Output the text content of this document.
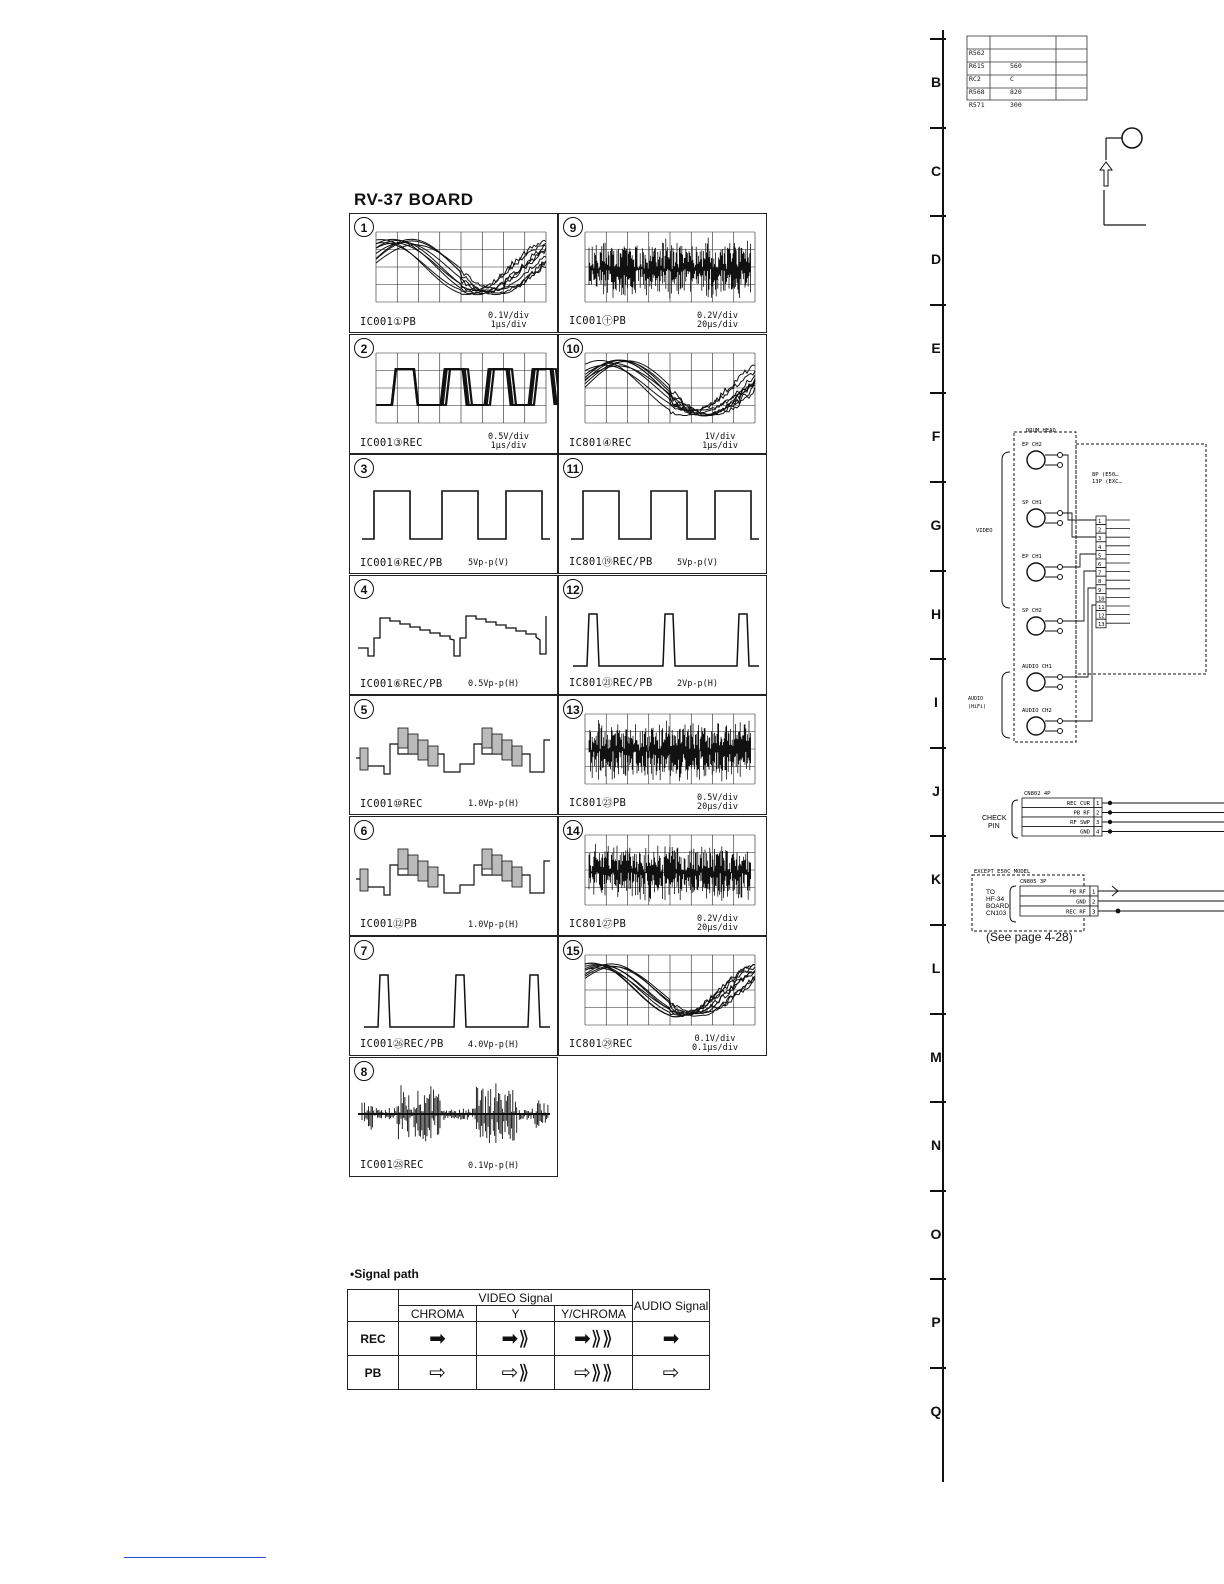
RV-37 BOARD
1
IC001①PB	0.1V/div
1μs/div
9
IC001㊉PB	0.2V/div
20μs/div
2
IC001③REC	0.5V/div
1μs/div
10
IC801④REC	1V/div
1μs/div
3
IC001④REC/PB	5Vp-p(V)
11
IC801⑲REC/PB	5Vp-p(V)
4
IC001⑥REC/PB	0.5Vp-p(H)
12
IC801㉑REC/PB	2Vp-p(H)
5
IC001⑩REC	1.0Vp-p(H)
13
IC801㉓PB	0.5V/div
20μs/div
6
IC001⑫PB	1.0Vp-p(H)
14
IC801㉗PB	0.2V/div
20μs/div
7
IC001㉖REC/PB	4.0Vp-p(H)
15
IC801㉙REC	0.1V/div
0.1μs/div
8
IC001㉘REC	0.1Vp-p(H)
•Signal path
	VIDEO Signal			AUDIO Signal
	CHROMA	Y	Y/CHROMA	
REC	➡	➡⟫	➡⟫⟫	➡
PB	⇨	⇨⟫	⇨⟫⟫	⇨
B
C
D
E
F
G
H
I
J
K
L
M
N
O
P
Q
R562
R615	560
RC2	C
R568	820
R571	300
DRUM HEAD
EP CH2
SP CH1
EP CH1
SP CH2
AUDIO CH1
AUDIO CH2
VIDEO
AUDIO
(HiFi)
8P (E50…
13P (EXC…
1
2
3
4
5
6
7
8
9
10
11
12
13
CN802 4P
CHECK
PIN
REC CUR 1
PB RF 2
RF SWP 3
GND 4
EXCEPT E50C MODEL
CN805 3P
TO
HF-34
BOARD
CN103
PB RF 1
GND 2
REC RF 3
(See page 4-28)
